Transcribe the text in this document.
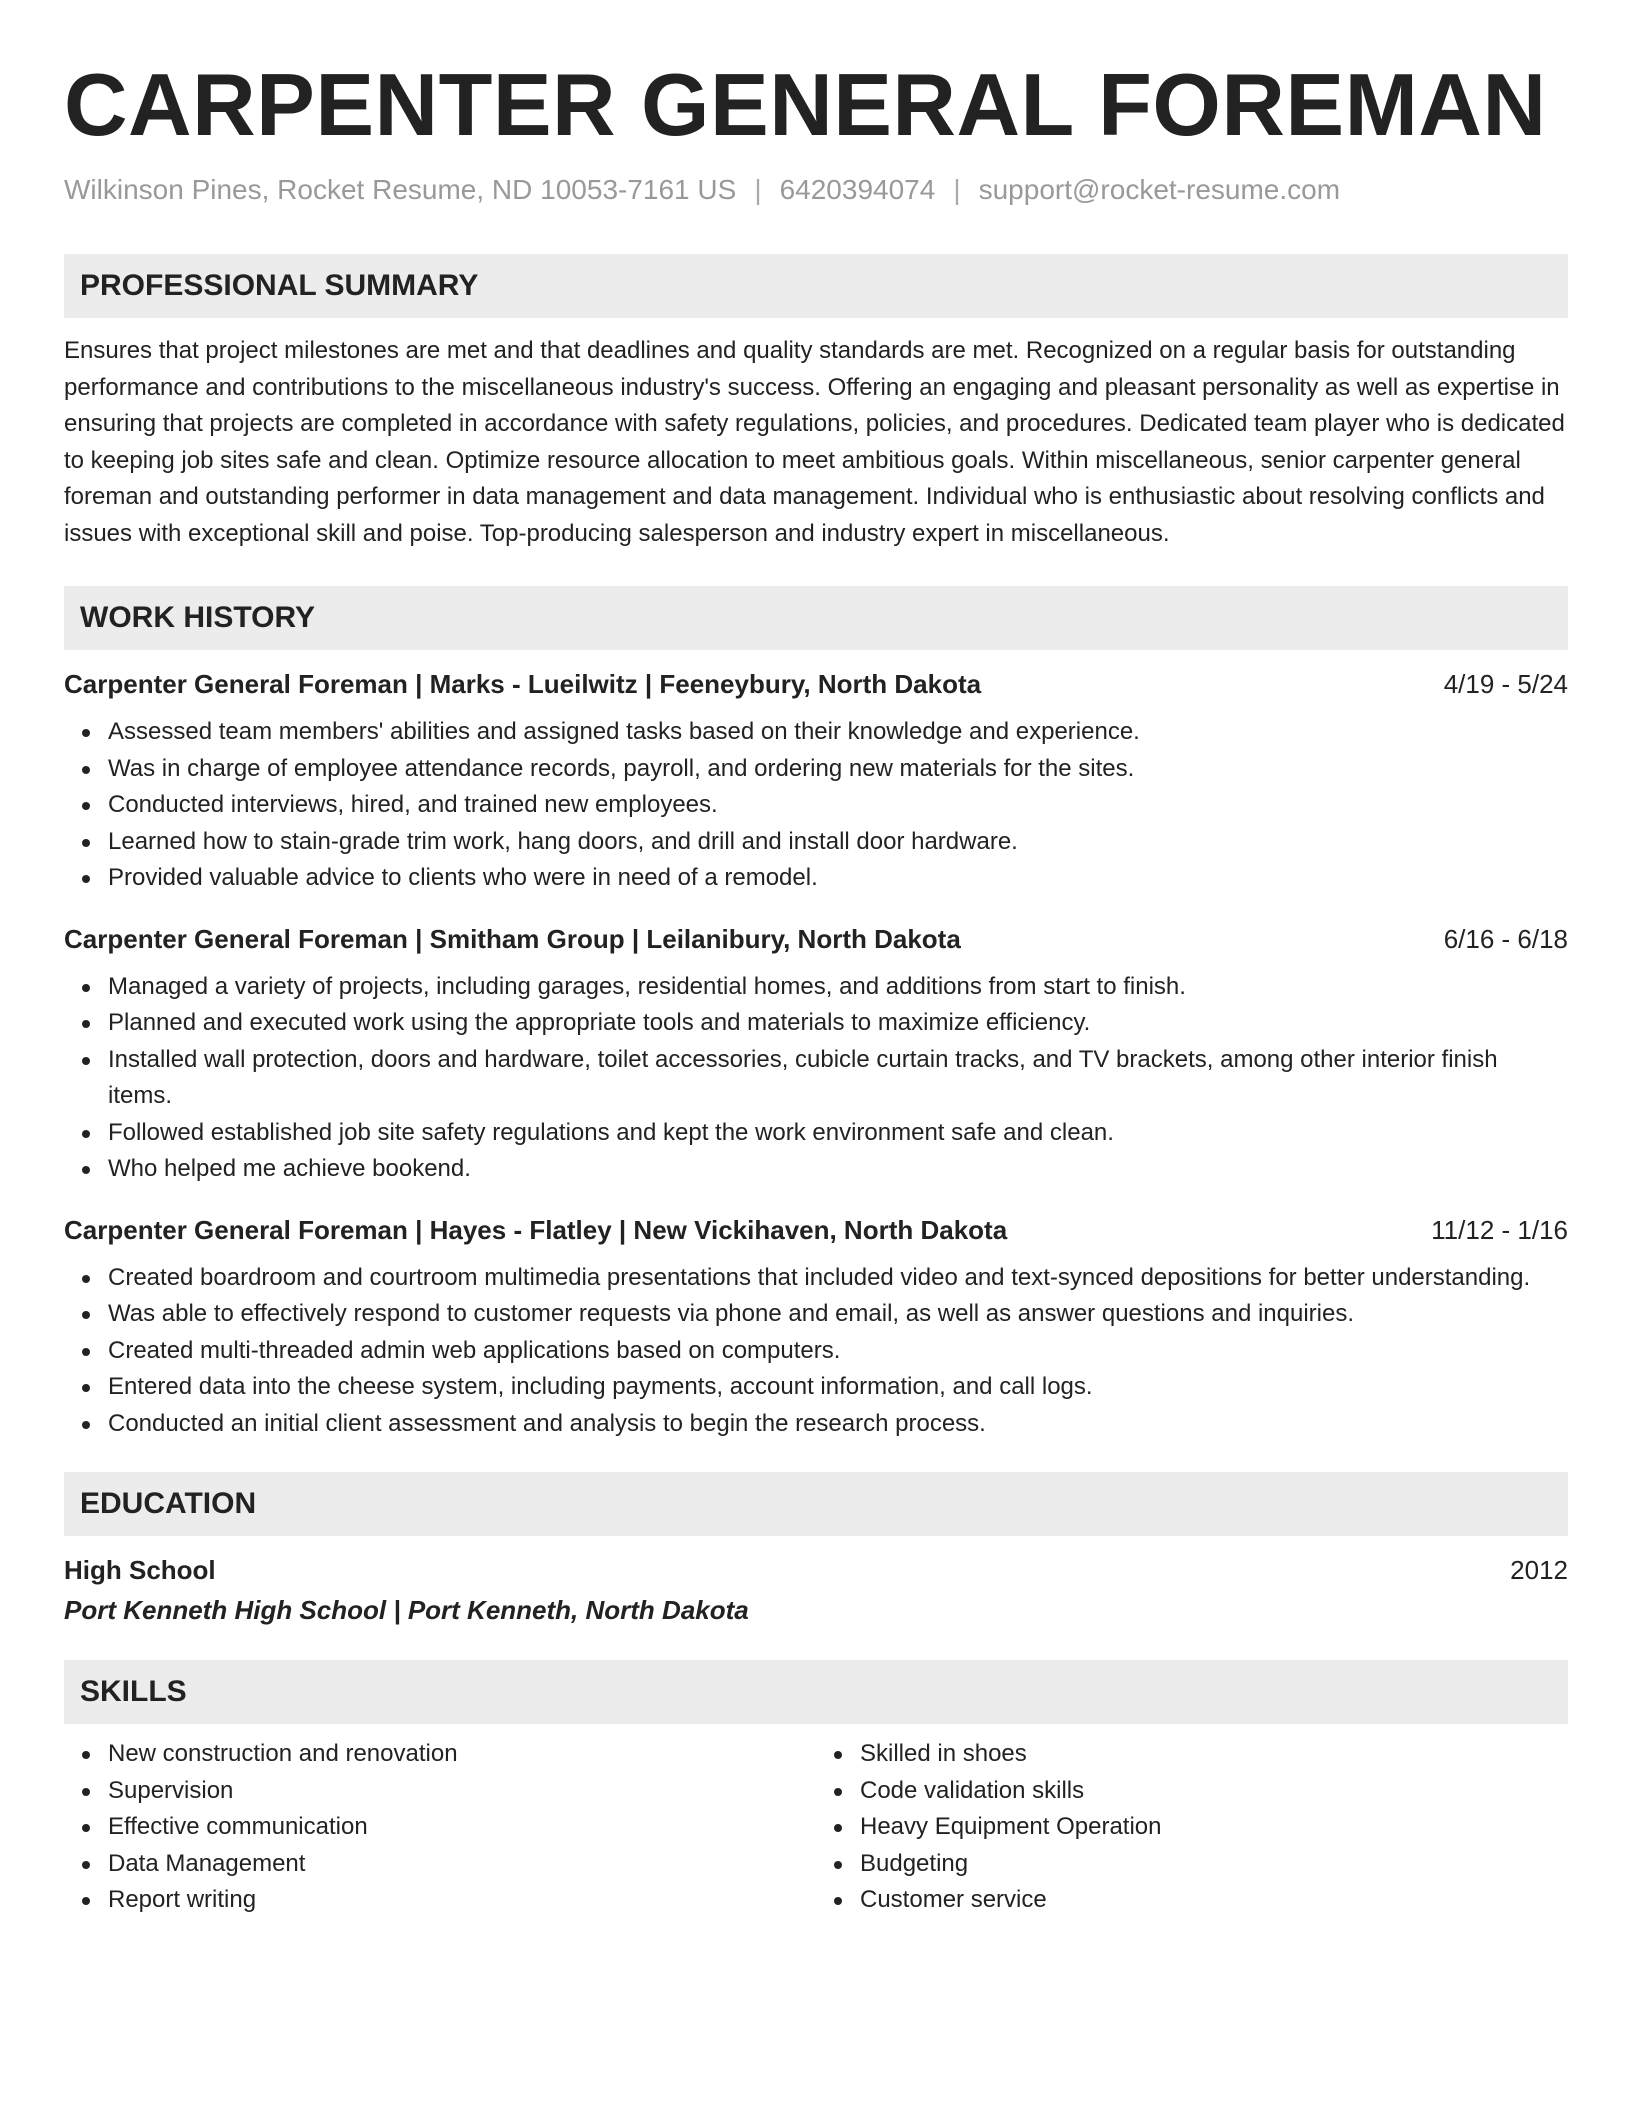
CARPENTER GENERAL FOREMAN
Wilkinson Pines, Rocket Resume, ND 10053-7161 US | 6420394074 | support@rocket-resume.com
PROFESSIONAL SUMMARY

Ensures that project milestones are met and that deadlines and quality standards are met. Recognized on a regular basis for outstanding performance and contributions to the miscellaneous industry's success. Offering an engaging and pleasant personality as well as expertise in ensuring that projects are completed in accordance with safety regulations, policies, and procedures. Dedicated team player who is dedicated to keeping job sites safe and clean. Optimize resource allocation to meet ambitious goals. Within miscellaneous, senior carpenter general foreman and outstanding performer in data management and data management. Individual who is enthusiastic about resolving conflicts and issues with exceptional skill and poise. Top-producing salesperson and industry expert in miscellaneous.

WORK HISTORY
Carpenter General Foreman | Marks - Lueilwitz | Feeneybury, North Dakota	4/19 - 5/24
Assessed team members' abilities and assigned tasks based on their knowledge and experience.
Was in charge of employee attendance records, payroll, and ordering new materials for the sites.
Conducted interviews, hired, and trained new employees.
Learned how to stain-grade trim work, hang doors, and drill and install door hardware.
Provided valuable advice to clients who were in need of a remodel.
Carpenter General Foreman | Smitham Group | Leilanibury, North Dakota	6/16 - 6/18
Managed a variety of projects, including garages, residential homes, and additions from start to finish.
Planned and executed work using the appropriate tools and materials to maximize efficiency.
Installed wall protection, doors and hardware, toilet accessories, cubicle curtain tracks, and TV brackets, among other interior finish items.
Followed established job site safety regulations and kept the work environment safe and clean.
Who helped me achieve bookend.
Carpenter General Foreman | Hayes - Flatley | New Vickihaven, North Dakota	11/12 - 1/16
Created boardroom and courtroom multimedia presentations that included video and text-synced depositions for better understanding.
Was able to effectively respond to customer requests via phone and email, as well as answer questions and inquiries.
Created multi-threaded admin web applications based on computers.
Entered data into the cheese system, including payments, account information, and call logs.
Conducted an initial client assessment and analysis to begin the research process.
EDUCATION
High School	2012
Port Kenneth High School | Port Kenneth, North Dakota
SKILLS
New construction and renovation
Supervision
Effective communication
Data Management
Report writing
Skilled in shoes
Code validation skills
Heavy Equipment Operation
Budgeting
Customer service
